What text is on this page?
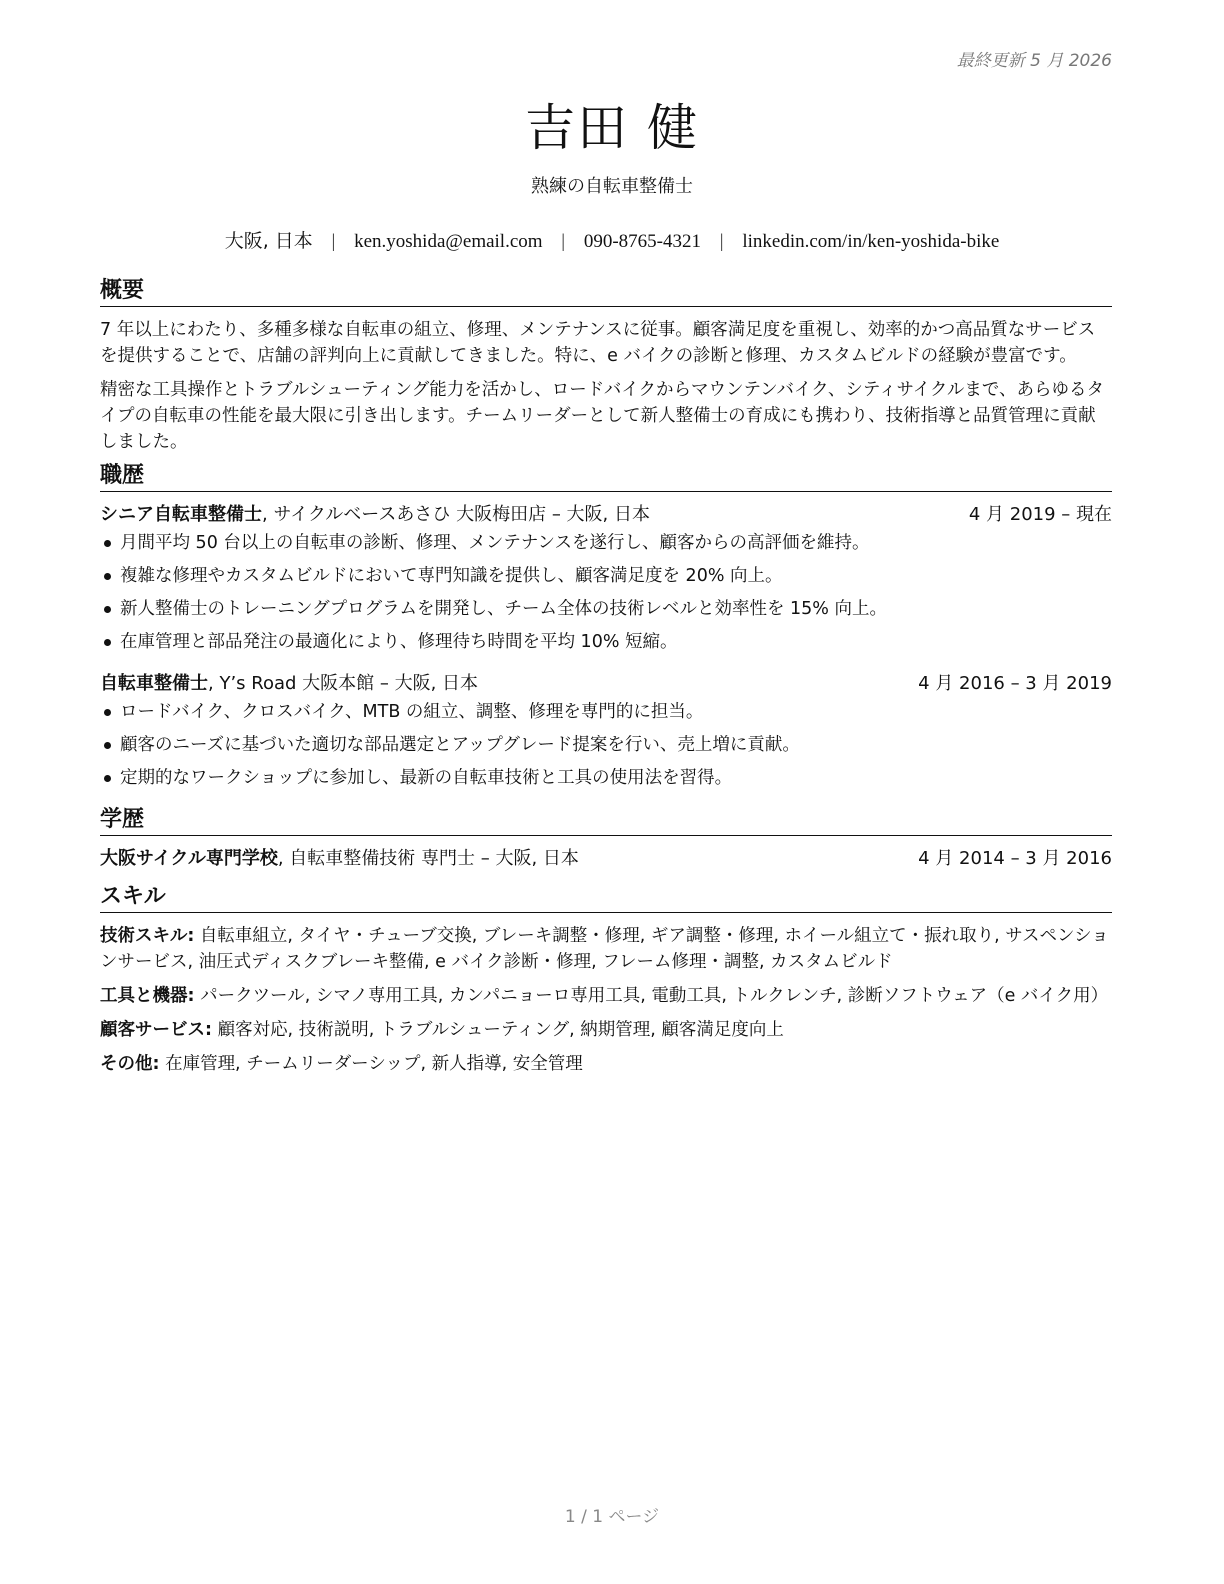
最終更新 5 月 2026
吉田 健
熟練の自転車整備士
大阪, 日本 | ken.yoshida@email.com | 090-8765-4321 | linkedin.com/in/ken-yoshida-bike
概要

7 年以上にわたり、多種多様な自転車の組立、修理、メンテナンスに従事。顧客満足度を重視し、効率的かつ高品質なサービスを提供することで、店舗の評判向上に貢献してきました。特に、e バイクの診断と修理、カスタムビルドの経験が豊富です。

精密な工具操作とトラブルシューティング能力を活かし、ロードバイクからマウンテンバイク、シティサイクルまで、あらゆるタイプの自転車の性能を最大限に引き出します。チームリーダーとして新人整備士の育成にも携わり、技術指導と品質管理に貢献しました。

職歴
シニア自転車整備士, サイクルベースあさひ 大阪梅田店 – 大阪, 日本	4 月 2019 – 現在
月間平均 50 台以上の自転車の診断、修理、メンテナンスを遂行し、顧客からの高評価を維持。
複雑な修理やカスタムビルドにおいて専門知識を提供し、顧客満足度を 20% 向上。
新人整備士のトレーニングプログラムを開発し、チーム全体の技術レベルと効率性を 15% 向上。
在庫管理と部品発注の最適化により、修理待ち時間を平均 10% 短縮。
自転車整備士, Y’s Road 大阪本館 – 大阪, 日本	4 月 2016 – 3 月 2019
ロードバイク、クロスバイク、MTB の組立、調整、修理を専門的に担当。
顧客のニーズに基づいた適切な部品選定とアップグレード提案を行い、売上増に貢献。
定期的なワークショップに参加し、最新の自転車技術と工具の使用法を習得。
学歴
大阪サイクル専門学校, 自転車整備技術 専門士 – 大阪, 日本	4 月 2014 – 3 月 2016
スキル

技術スキル: 自転車組立, タイヤ・チューブ交換, ブレーキ調整・修理, ギア調整・修理, ホイール組立て・振れ取り, サスペンションサービス, 油圧式ディスクブレーキ整備, e バイク診断・修理, フレーム修理・調整, カスタムビルド

工具と機器: パークツール, シマノ専用工具, カンパニョーロ専用工具, 電動工具, トルクレンチ, 診断ソフトウェア（e バイク用）

顧客サービス: 顧客対応, 技術説明, トラブルシューティング, 納期管理, 顧客満足度向上

その他: 在庫管理, チームリーダーシップ, 新人指導, 安全管理

1 / 1 ページ
